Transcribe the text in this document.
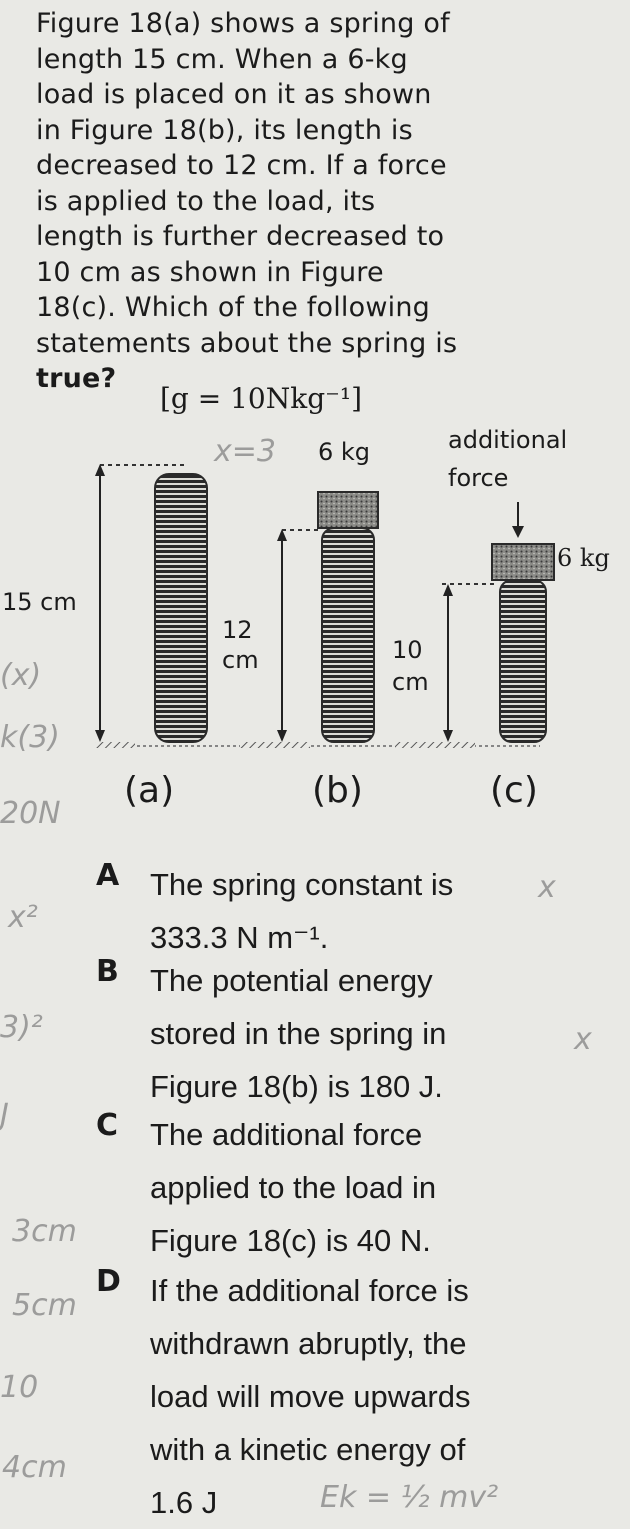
Figure 18(a) shows a spring of
length 15 cm. When a 6-kg
load is placed on it as shown
in Figure 18(b), its length is
decreased to 12 cm. If a force
is applied to the load, its
length is further decreased to
10 cm as shown in Figure
18(c). Which of the following
statements about the spring is
true?
[g = 10Nkg⁻¹]
15 cm
6 kg
12
cm
additional
force
6 kg
10
cm
(a)	(b)	(c)
x=3
(x)
k(3)
20N
x²
3)²
J
3cm
5cm
10
4cm
Ek = ½ mv²
x
x
A The spring constant is
333.3 N m⁻¹.
B The potential energy
stored in the spring in
Figure 18(b) is 180 J.
C The additional force
applied to the load in
Figure 18(c) is 40 N.
D If the additional force is
withdrawn abruptly, the
load will move upwards
with a kinetic energy of
1.6 J
